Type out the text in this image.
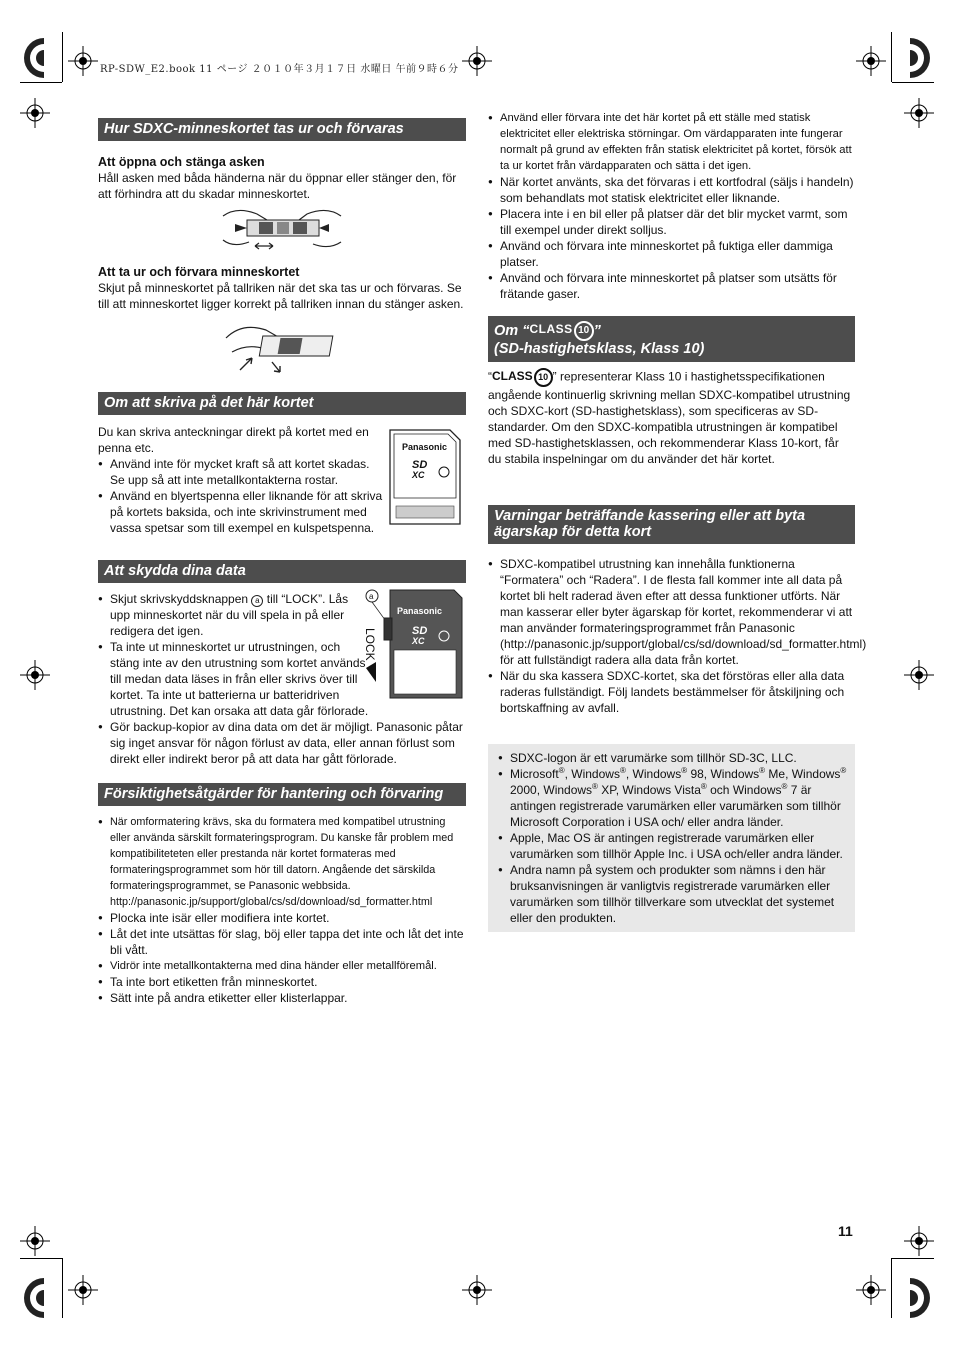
RP-SDW_E2.book 11 ページ ２０１０年３月１７日 水曜日 午前９時６分
Hur SDXC-minneskortet tas ur och förvaras
Att öppna och stänga asken

Håll asken med båda händerna när du öppnar eller stänger den, för att förhindra att du skadar minneskortet.

Att ta ur och förvara minneskortet

Skjut på minneskortet på tallriken när det ska tas ur och förvaras. Se till att minneskortet ligger korrekt på tallriken innan du stänger asken.

Om att skriva på det här kortet

Du kan skriva anteckningar direkt på kortet med en penna etc.

● Använd inte för mycket kraft så att kortet skadas. Se upp så att inte metallkontakterna rostar.
● Använd en blyertspenna eller liknande för att skriva på kortets baksida, och inte skrivinstrument med vassa spetsar som till exempel en kulspetspenna.
Panasonic
SD
XC
Att skydda dina data
● Skjut skrivskyddsknappen a till “LOCK”. Lås upp minneskortet när du vill spela in på eller redigera det igen.
● Ta inte ut minneskortet ur utrustningen, och stäng inte av den utrustning som kortet används till medan data läses in från eller skrivs över till kortet. Ta inte ut batterierna ur batteridriven utrustning. Det kan orsaka att data går förlorade.
● Gör backup-kopior av dina data om det är möjligt. Panasonic påtar sig inget ansvar för någon förlust av data, eller annan förlust som direkt eller indirekt beror på att data har gått förlorade.
a
Panasonic
SD
XC
LOCK
Försiktighetsåtgärder för hantering och förvaring
● När omformatering krävs, ska du formatera med kompatibel utrustning eller använda särskilt formateringsprogram. Du kanske får problem med kompatibiliteteten eller prestanda när kortet formateras med formateringsprogrammet som hör till datorn. Angående det särskilda formateringsprogrammet, se Panasonic webbsida. http://panasonic.jp/support/global/cs/sd/download/sd_formatter.html
● Plocka inte isär eller modifiera inte kortet.
● Låt det inte utsättas för slag, böj eller tappa det inte och låt det inte bli vått.
● Vidrör inte metallkontakterna med dina händer eller metallföremål.
● Ta inte bort etiketten från minneskortet.
● Sätt inte på andra etiketter eller klisterlappar.
● Använd eller förvara inte det här kortet på ett ställe med statisk elektricitet eller elektriska störningar. Om värdapparaten inte fungerar normalt på grund av effekten från statisk elektricitet på kortet, försök att ta ur kortet från värdapparaten och sätta i det igen.
● När kortet använts, ska det förvaras i ett kortfodral (säljs i handeln) som behandlats mot statisk elektricitet eller liknande.
● Placera inte i en bil eller på platser där det blir mycket varmt, som till exempel under direkt solljus.
● Använd och förvara inte minneskortet på fuktiga eller dammiga platser.
● Använd och förvara inte minneskortet på platser som utsätts för frätande gaser.
Om “CLASS 10 ”
(SD-hastighetsklass, Klass 10)

“CLASS 10 ” representerar Klass 10 i hastighetsspecifikationen angående kontinuerlig skrivning mellan SDXC-kompatibel utrustning och SDXC-kort (SD-hastighetsklass), som specificeras av SD-standarder. Om den SDXC-kompatibla utrustningen är kompatibel med SD-hastighetsklassen, och rekommenderar Klass 10-kort, får du stabila inspelningar om du använder det här kortet.

Varningar beträffande kassering eller att byta ägarskap för detta kort
● SDXC-kompatibel utrustning kan innehålla funktionerna “Formatera” och “Radera”. I de flesta fall kommer inte all data på kortet bli helt raderad även efter att dessa funktioner utförts. När man kasserar eller byter ägarskap för kortet, rekommenderar vi att man använder formateringsprogrammet från Panasonic (http://panasonic.jp/support/global/cs/sd/download/sd_formatter.html) för att fullständigt radera alla data från kortet.
● När du ska kassera SDXC-kortet, ska det förstöras eller alla data raderas fullständigt. Följ landets bestämmelser för åtskiljning och bortskaffning av avfall.
● SDXC-logon är ett varumärke som tillhör SD-3C, LLC.
● Microsoft®, Windows®, Windows® 98, Windows® Me, Windows® 2000, Windows® XP, Windows Vista® och Windows® 7 är antingen registrerade varumärken eller varumärken som tillhör Microsoft Corporation i USA och/ eller andra länder.
● Apple, Mac OS är antingen registrerade varumärken eller varumärken som tillhör Apple Inc. i USA och/eller andra länder.
● Andra namn på system och produkter som nämns i den här bruksanvisningen är vanligtvis registrerade varumärken eller varumärken som tillhör tillverkare som utvecklat det systemet eller den produkten.
11
